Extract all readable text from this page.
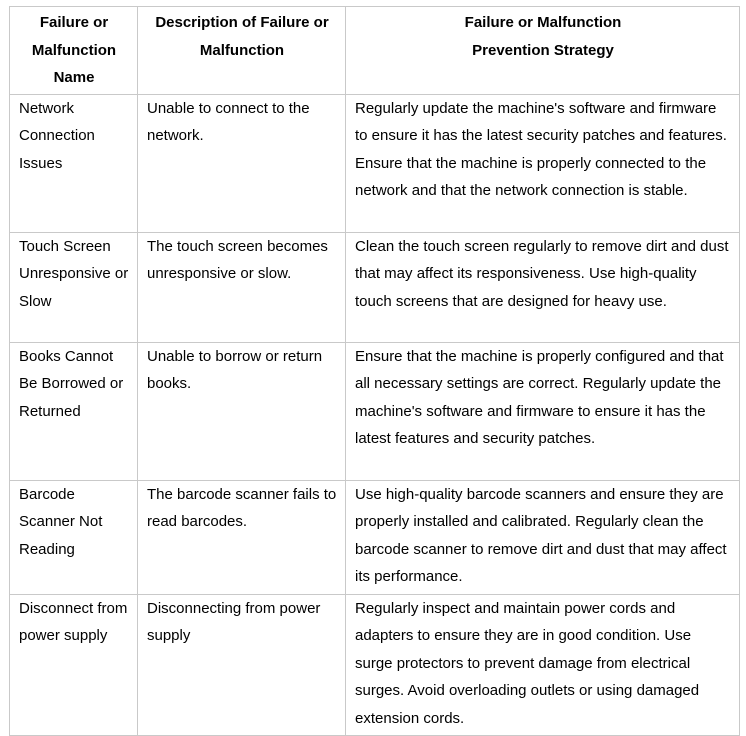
Failure or Malfunction Name	Description of Failure or Malfunction	Failure or Malfunction
Prevention Strategy

Network Connection Issues	Unable to connect to the network.	Regularly update the machine's software and firmware to ensure it has the latest security patches and features. Ensure that the machine is properly connected to the network and that the network connection is stable.
Touch Screen Unresponsive or Slow	The touch screen becomes unresponsive or slow.	Clean the touch screen regularly to remove dirt and dust that may affect its responsiveness. Use high-quality touch screens that are designed for heavy use.
Books Cannot Be Borrowed or Returned	Unable to borrow or return books.	Ensure that the machine is properly configured and that all necessary settings are correct. Regularly update the machine's software and firmware to ensure it has the latest features and security patches.
Barcode Scanner Not Reading	The barcode scanner fails to read barcodes.	Use high-quality barcode scanners and ensure they are properly installed and calibrated. Regularly clean the barcode scanner to remove dirt and dust that may affect its performance.
Disconnect from power supply	Disconnecting from power supply	Regularly inspect and maintain power cords and adapters to ensure they are in good condition. Use surge protectors to prevent damage from electrical surges. Avoid overloading outlets or using damaged extension cords.
